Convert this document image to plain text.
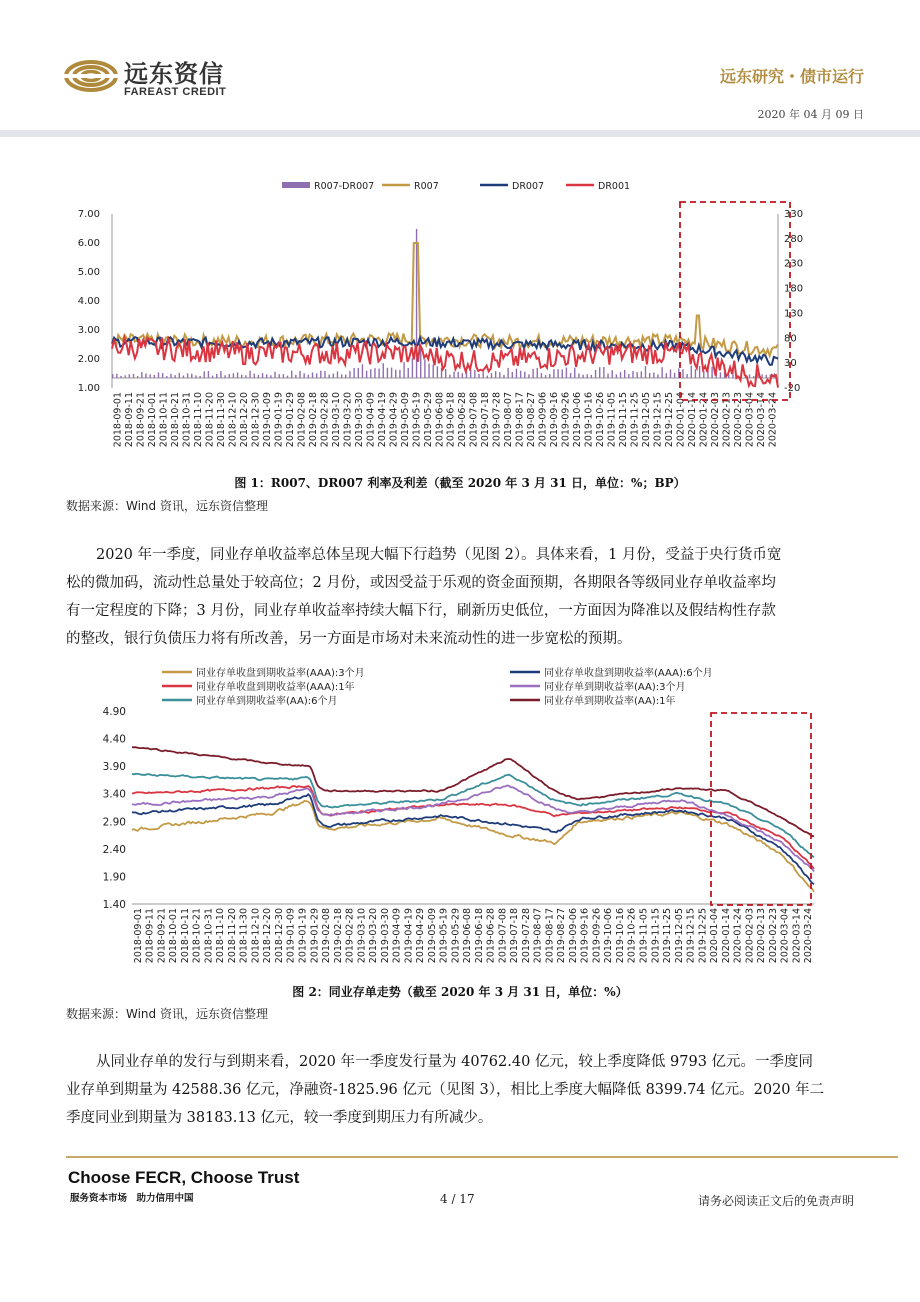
远东资信
FAREAST CREDIT
远东研究・债市运行
2020 年 04 月 09 日
R007-DR007	R007	DR007	DR001
7.00
6.00
5.00
4.00
3.00
2.00
1.00
330
280
230
180
130
80
30
-20
2018-09-01 2018-09-11 2018-09-21 2018-10-01 2018-10-11 2018-10-21 2018-10-31 2018-11-10 2018-11-20 2018-11-30 2018-12-10 2018-12-20 2018-12-30 2019-01-09 2019-01-19 2019-01-29 2019-02-08 2019-02-18 2019-02-28 2019-03-10 2019-03-20 2019-03-30 2019-04-09 2019-04-19 2019-04-29 2019-05-09 2019-05-19 2019-05-29 2019-06-08 2019-06-18 2019-06-28 2019-07-08 2019-07-18 2019-07-28 2019-08-07 2019-08-17 2019-08-27 2019-09-06 2019-09-16 2019-09-26 2019-10-06 2019-10-16 2019-10-26 2019-11-05 2019-11-15 2019-11-25 2019-12-05 2019-12-15 2019-12-25 2020-01-04 2020-01-14 2020-01-24 2020-02-03 2020-02-13 2020-02-23 2020-03-04 2020-03-14 2020-03-24
图 1：R007、DR007 利率及利差（截至 2020 年 3 月 31 日，单位：%；BP）
数据来源：Wind 资讯，远东资信整理
2020 年一季度，同业存单收益率总体呈现大幅下行趋势（见图 2）。具体来看，1 月份，受益于央行货币宽
松的微加码，流动性总量处于较高位；2 月份，或因受益于乐观的资金面预期，各期限各等级同业存单收益率均
有一定程度的下降；3 月份，同业存单收益率持续大幅下行，刷新历史低位，一方面因为降准以及假结构性存款
的整改，银行负债压力将有所改善，另一方面是市场对未来流动性的进一步宽松的预期。
同业存单收盘到期收益率(AAA):3个月	同业存单收盘到期收益率(AAA):6个月
同业存单收盘到期收益率(AAA):1年	同业存单到期收益率(AA):3个月
同业存单到期收益率(AA):6个月	同业存单到期收益率(AA):1年
4.90
4.40
3.90
3.40
2.90
2.40
1.90
1.40
2018-09-01 2018-09-11 2018-09-21 2018-10-01 2018-10-11 2018-10-21 2018-10-31 2018-11-10 2018-11-20 2018-11-30 2018-12-10 2018-12-20 2018-12-30 2019-01-09 2019-01-19 2019-01-29 2019-02-08 2019-02-18 2019-02-28 2019-03-10 2019-03-20 2019-03-30 2019-04-09 2019-04-19 2019-04-29 2019-05-09 2019-05-19 2019-05-29 2019-06-08 2019-06-18 2019-06-28 2019-07-08 2019-07-18 2019-07-28 2019-08-07 2019-08-17 2019-08-27 2019-09-06 2019-09-16 2019-09-26 2019-10-06 2019-10-16 2019-10-26 2019-11-05 2019-11-15 2019-11-25 2019-12-05 2019-12-15 2019-12-25 2020-01-04 2020-01-14 2020-01-24 2020-02-03 2020-02-13 2020-02-23 2020-03-04 2020-03-14 2020-03-24
图 2：同业存单走势（截至 2020 年 3 月 31 日，单位：%）
数据来源：Wind 资讯，远东资信整理
从同业存单的发行与到期来看，2020 年一季度发行量为 40762.40 亿元，较上季度降低 9793 亿元。一季度同
业存单到期量为 42588.36 亿元，净融资-1825.96 亿元（见图 3），相比上季度大幅降低 8399.74 亿元。2020 年二
季度同业到期量为 38183.13 亿元，较一季度到期压力有所减少。
Choose FECR, Choose Trust
服务资本市场　助力信用中国	4 / 17	请务必阅读正文后的免责声明
